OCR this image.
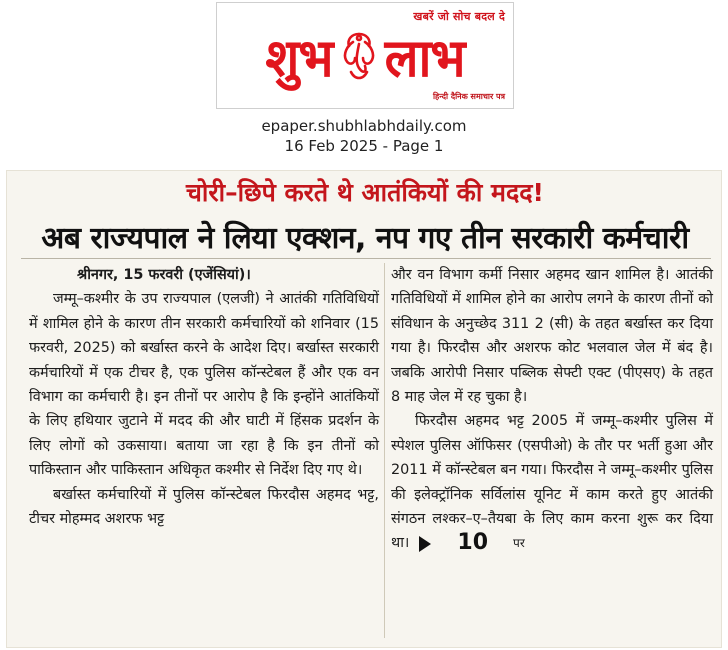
खबरें जो सोच बदल दे
शुभ लाभ
हिन्दी दैनिक समाचार पत्र
epaper.shubhlabhdaily.com
16 Feb 2025 - Page 1
चोरी–छिपे करते थे आतंकियों की मदद!
अब राज्यपाल ने लिया एक्शन, नप गए तीन सरकारी कर्मचारी
श्रीनगर, 15 फरवरी (एजेंसियां)।

जम्मू–कश्मीर के उप राज्यपाल (एलजी) ने आतंकी गतिविधियों में शामिल होने के कारण तीन सरकारी कर्मचारियों को शनिवार (15 फरवरी, 2025) को बर्खास्त करने के आदेश दिए। बर्खास्त सरकारी कर्मचारियों में एक टीचर है, एक पुलिस कॉन्स्टेबल हैं और एक वन विभाग का कर्मचारी है। इन तीनों पर आरोप है कि इन्होंने आतंकियों के लिए हथियार जुटाने में मदद की और घाटी में हिंसक प्रदर्शन के लिए लोगों को उकसाया। बताया जा रहा है कि इन तीनों को पाकिस्तान और पाकिस्तान अधिकृत कश्मीर से निर्देश दिए गए थे।

बर्खास्त कर्मचारियों में पुलिस कॉन्स्टेबल फिरदौस अहमद भट्ट, टीचर मोहम्मद अशरफ भट्ट

और वन विभाग कर्मी निसार अहमद खान शामिल है। आतंकी गतिविधियों में शामिल होने का आरोप लगने के कारण तीनों को संविधान के अनुच्छेद 311 2 (सी) के तहत बर्खास्त कर दिया गया है। फिरदौस और अशरफ कोट भलवाल जेल में बंद है। जबकि आरोपी निसार पब्लिक सेफ्टी एक्ट (पीएसए) के तहत 8 माह जेल में रह चुका है।

फिरदौस अहमद भट्ट 2005 में जम्मू–कश्मीर पुलिस में स्पेशल पुलिस ऑफिसर (एसपीओ) के तौर पर भर्ती हुआ और 2011 में कॉन्स्टेबल बन गया। फिरदौस ने जम्मू–कश्मीर पुलिस की इलेक्ट्रॉनिक सर्विलांस यूनिट में काम करते हुए आतंकी संगठन लश्कर–ए–तैयबा के लिए काम करना शुरू कर दिया था।	10	पर
